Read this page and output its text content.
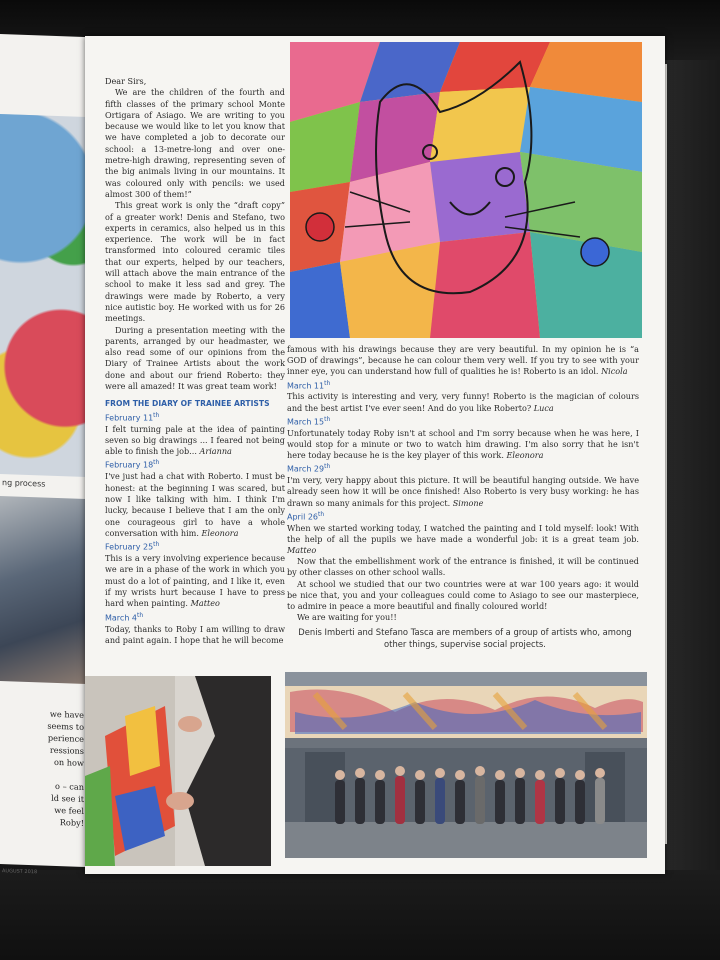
ng process
we have
seems to
perience
ressions
on how

o – can
ld see it
we feel
Roby!
AUGUST 2018

Dear Sirs,

We are the children of the fourth and fifth classes of the primary school Monte Ortigara of Asiago. We are writing to you because we would like to let you know that we have completed a job to decorate our school: a 13-metre-long and over one-metre-high drawing, representing seven of the big animals living in our mountains. It was coloured only with pencils: we used almost 300 of them!”

This great work is only the “draft copy” of a greater work! Denis and Stefano, two experts in ceramics, also helped us in this experience. The work will be in fact transformed into coloured ceramic tiles that our experts, helped by our teachers, will attach above the main entrance of the school to make it less sad and grey. The drawings were made by Roberto, a very nice autistic boy. He worked with us for 26 meetings.

During a presentation meeting with the parents, arranged by our headmaster, we also read some of our opinions from the Diary of Trainee Artists about the work done and about our friend Roberto: they were all amazed! It was great team work!

FROM THE DIARY OF TRAINEE ARTISTS

February 11th

I felt turning pale at the idea of painting seven so big drawings ... I feared not being able to finish the job... Arianna

February 18th

I've just had a chat with Roberto. I must be honest: at the beginning I was scared, but now I like talking with him. I think I'm lucky, because I believe that I am the only one courageous girl to have a whole conversation with him. Eleonora

February 25th

This is a very involving experience because we are in a phase of the work in which you must do a lot of painting, and I like it, even if my wrists hurt because I have to press hard when painting. Matteo

March 4th

Today, thanks to Roby I am willing to draw and paint again. I hope that he will become

famous with his drawings because they are very beautiful. In my opinion he is “a GOD of drawings”, because he can colour them very well. If you try to see with your inner eye, you can understand how full of qualities he is! Roberto is an idol. Nicola

March 11th

This activity is interesting and very, very funny! Roberto is the magician of colours and the best artist I've ever seen! And do you like Roberto? Luca

March 15th

Unfortunately today Roby isn't at school and I'm sorry because when he was here, I would stop for a minute or two to watch him drawing. I'm also sorry that he isn't here today because he is the key player of this work. Eleonora

March 29th

I'm very, very happy about this picture. It will be beautiful hanging outside. We have already seen how it will be once finished! Also Roberto is very busy working: he has drawn so many animals for this project. Simone

April 26th

When we started working today, I watched the painting and I told myself: look! With the help of all the pupils we have made a wonderful job: it is a great team job. Matteo

Now that the embellishment work of the entrance is finished, it will be continued by other classes on other school walls.

At school we studied that our two countries were at war 100 years ago: it would be nice that, you and your colleagues could come to Asiago to see our masterpiece, to admire in peace a more beautiful and finally coloured world!

We are waiting for you!!

Denis Imberti and Stefano Tasca are members of a group of artists who, among other things, supervise social projects.
